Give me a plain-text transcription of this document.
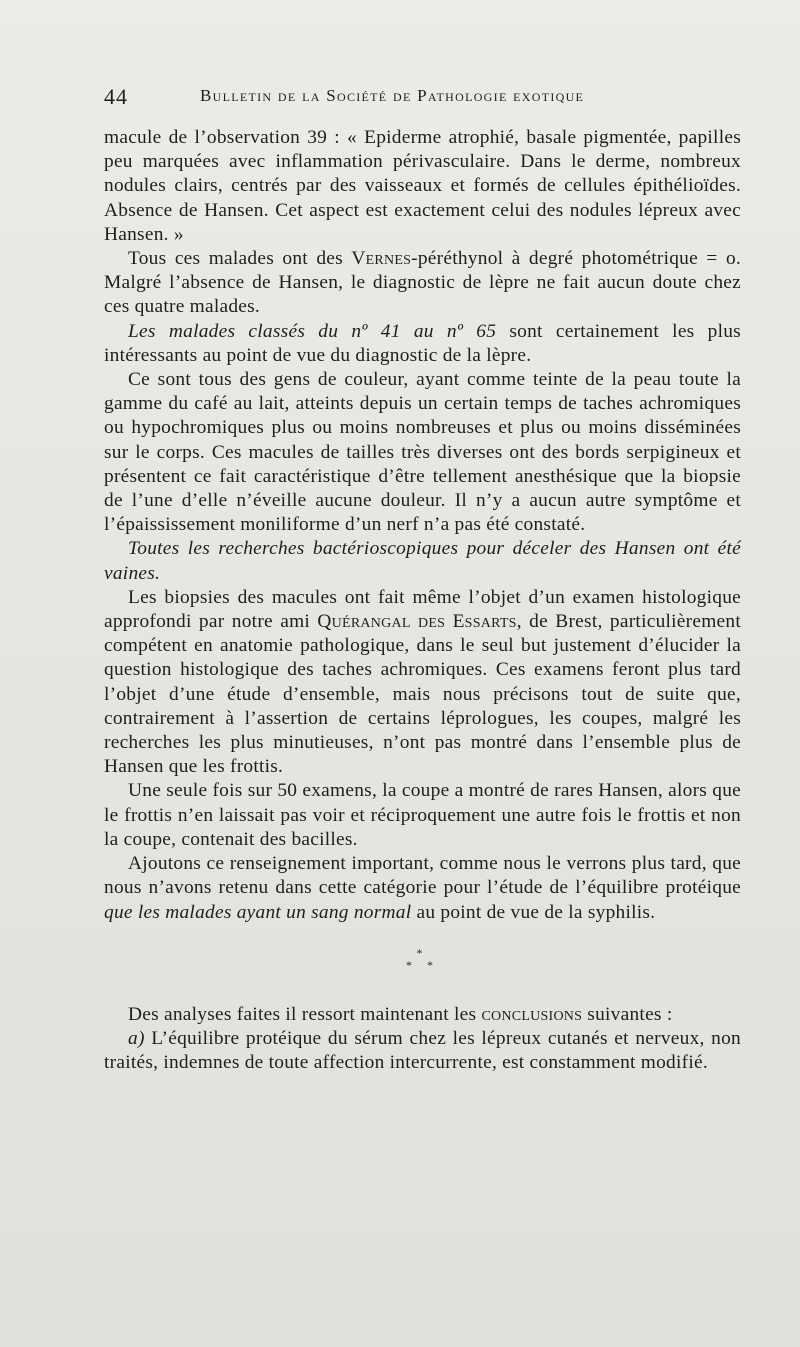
44	Bulletin de la Société de Pathologie exotique

macule de l’observation 39 : « Epiderme atrophié, basale pigmentée, papilles peu marquées avec inflammation périvasculaire. Dans le derme, nombreux nodules clairs, centrés par des vaisseaux et formés de cellules épithélioïdes. Absence de Hansen. Cet aspect est exactement celui des nodules lépreux avec Hansen. »

Tous ces malades ont des Vernes-péréthynol à degré photométrique = o. Malgré l’absence de Hansen, le diagnostic de lèpre ne fait aucun doute chez ces quatre malades.

Les malades classés du nº 41 au nº 65 sont certainement les plus intéressants au point de vue du diagnostic de la lèpre.

Ce sont tous des gens de couleur, ayant comme teinte de la peau toute la gamme du café au lait, atteints depuis un certain temps de taches achromiques ou hypochromiques plus ou moins nombreuses et plus ou moins disséminées sur le corps. Ces macules de tailles très diverses ont des bords serpigineux et présentent ce fait caractéristique d’être tellement anesthésique que la biopsie de l’une d’elle n’éveille aucune douleur. Il n’y a aucun autre symptôme et l’épaississement moniliforme d’un nerf n’a pas été constaté.

Toutes les recherches bactérioscopiques pour déceler des Hansen ont été vaines.

Les biopsies des macules ont fait même l’objet d’un examen histologique approfondi par notre ami Quérangal des Essarts, de Brest, particulièrement compétent en anatomie pathologique, dans le seul but justement d’élucider la question histologique des taches achromiques. Ces examens feront plus tard l’objet d’une étude d’ensemble, mais nous précisons tout de suite que, contrairement à l’assertion de certains léprologues, les coupes, malgré les recherches les plus minutieuses, n’ont pas montré dans l’ensemble plus de Hansen que les frottis.

Une seule fois sur 50 examens, la coupe a montré de rares Hansen, alors que le frottis n’en laissait pas voir et réciproquement une autre fois le frottis et non la coupe, contenait des bacilles.

Ajoutons ce renseignement important, comme nous le verrons plus tard, que nous n’avons retenu dans cette catégorie pour l’étude de l’équilibre protéique que les malades ayant un sang normal au point de vue de la syphilis.

*
* *

Des analyses faites il ressort maintenant les conclusions suivantes :

a) L’équilibre protéique du sérum chez les lépreux cutanés et nerveux, non traités, indemnes de toute affection intercurrente, est constamment modifié.
